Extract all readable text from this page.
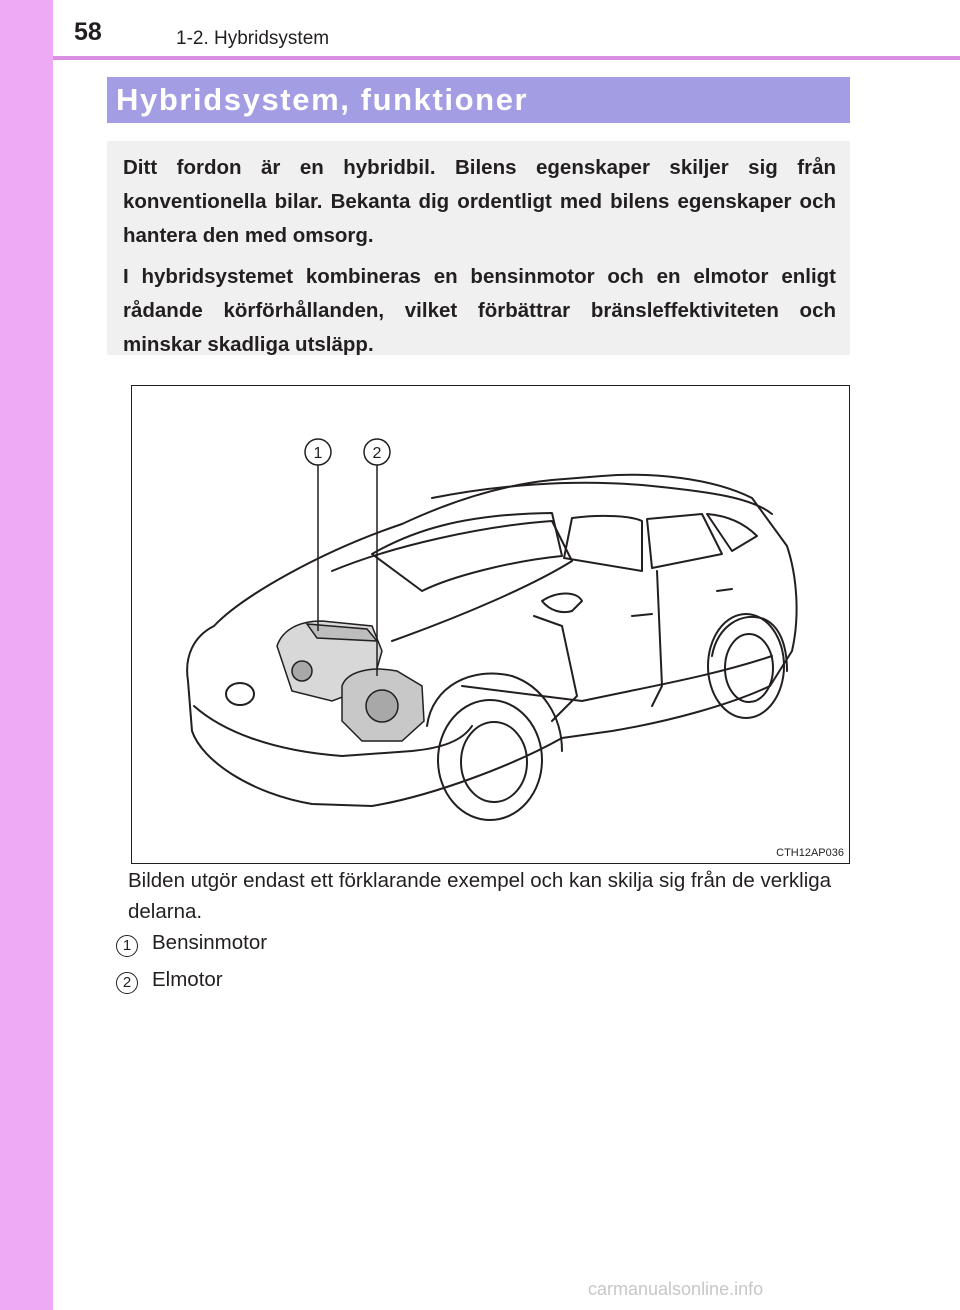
58	1-2. Hybridsystem
Hybridsystem, funktioner

Ditt fordon är en hybridbil. Bilens egenskaper skiljer sig från konventionella bilar. Bekanta dig ordentligt med bilens egenskaper och hantera den med omsorg.

I hybridsystemet kombineras en bensinmotor och en elmotor enligt rådande körförhållanden, vilket förbättrar bränsleffektiviteten och minskar skadliga utsläpp.

1	2
CTH12AP036
Bilden utgör endast ett förklarande exempel och kan skilja sig från de verkliga delarna.
1	Bensinmotor
2	Elmotor
carmanualsonline.info
